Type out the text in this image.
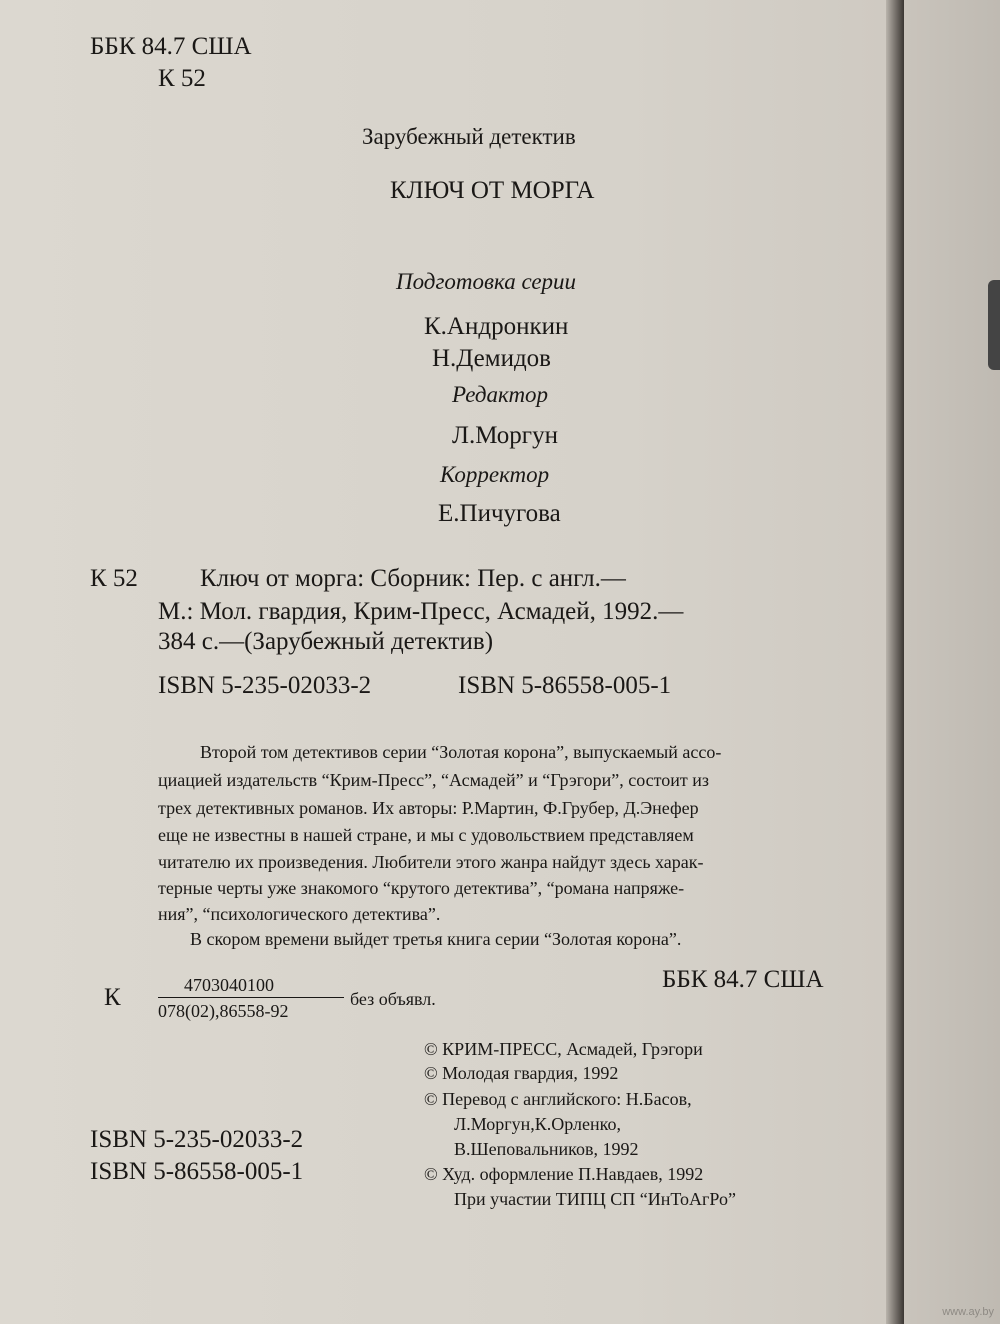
ББК 84.7 США
К 52
Зарубежный детектив
КЛЮЧ ОТ МОРГА
Подготовка серии
К.Андронкин
Н.Демидов
Редактор
Л.Моргун
Корректор
Е.Пичугова
К 52 Ключ от морга: Сборник: Пер. с англ.—
М.: Мол. гвардия, Крим-Пресс, Асмадей, 1992.—
384 с.—(Зарубежный детектив)
ISBN 5-235-02033-2	ISBN 5-86558-005-1
Второй том детективов серии “Золотая корона”, выпускаемый ассо-
циацией издательств “Крим-Пресс”, “Асмадей” и “Грэгори”, состоит из
трех детективных романов. Их авторы: Р.Мартин, Ф.Грубер, Д.Энефер
еще не известны в нашей стране, и мы с удовольствием представляем
читателю их произведения. Любители этого жанра найдут здесь харак-
терные черты уже знакомого “крутого детектива”, “романа напряже-
ния”, “психологического детектива”.
В скором времени выйдет третья книга серии “Золотая корона”.
ББК 84.7 США
К	4703040100
078(02),86558-92
без объявл.
© КРИМ-ПРЕСС, Асмадей, Грэгори
© Молодая гвардия, 1992
© Перевод с английского: Н.Басов,
Л.Моргун,К.Орленко,
В.Шеповальников, 1992
© Худ. оформление П.Навдаев, 1992
При участии ТИПЦ СП “ИнТоАгРо”
ISBN 5-235-02033-2
ISBN 5-86558-005-1
www.ay.by
